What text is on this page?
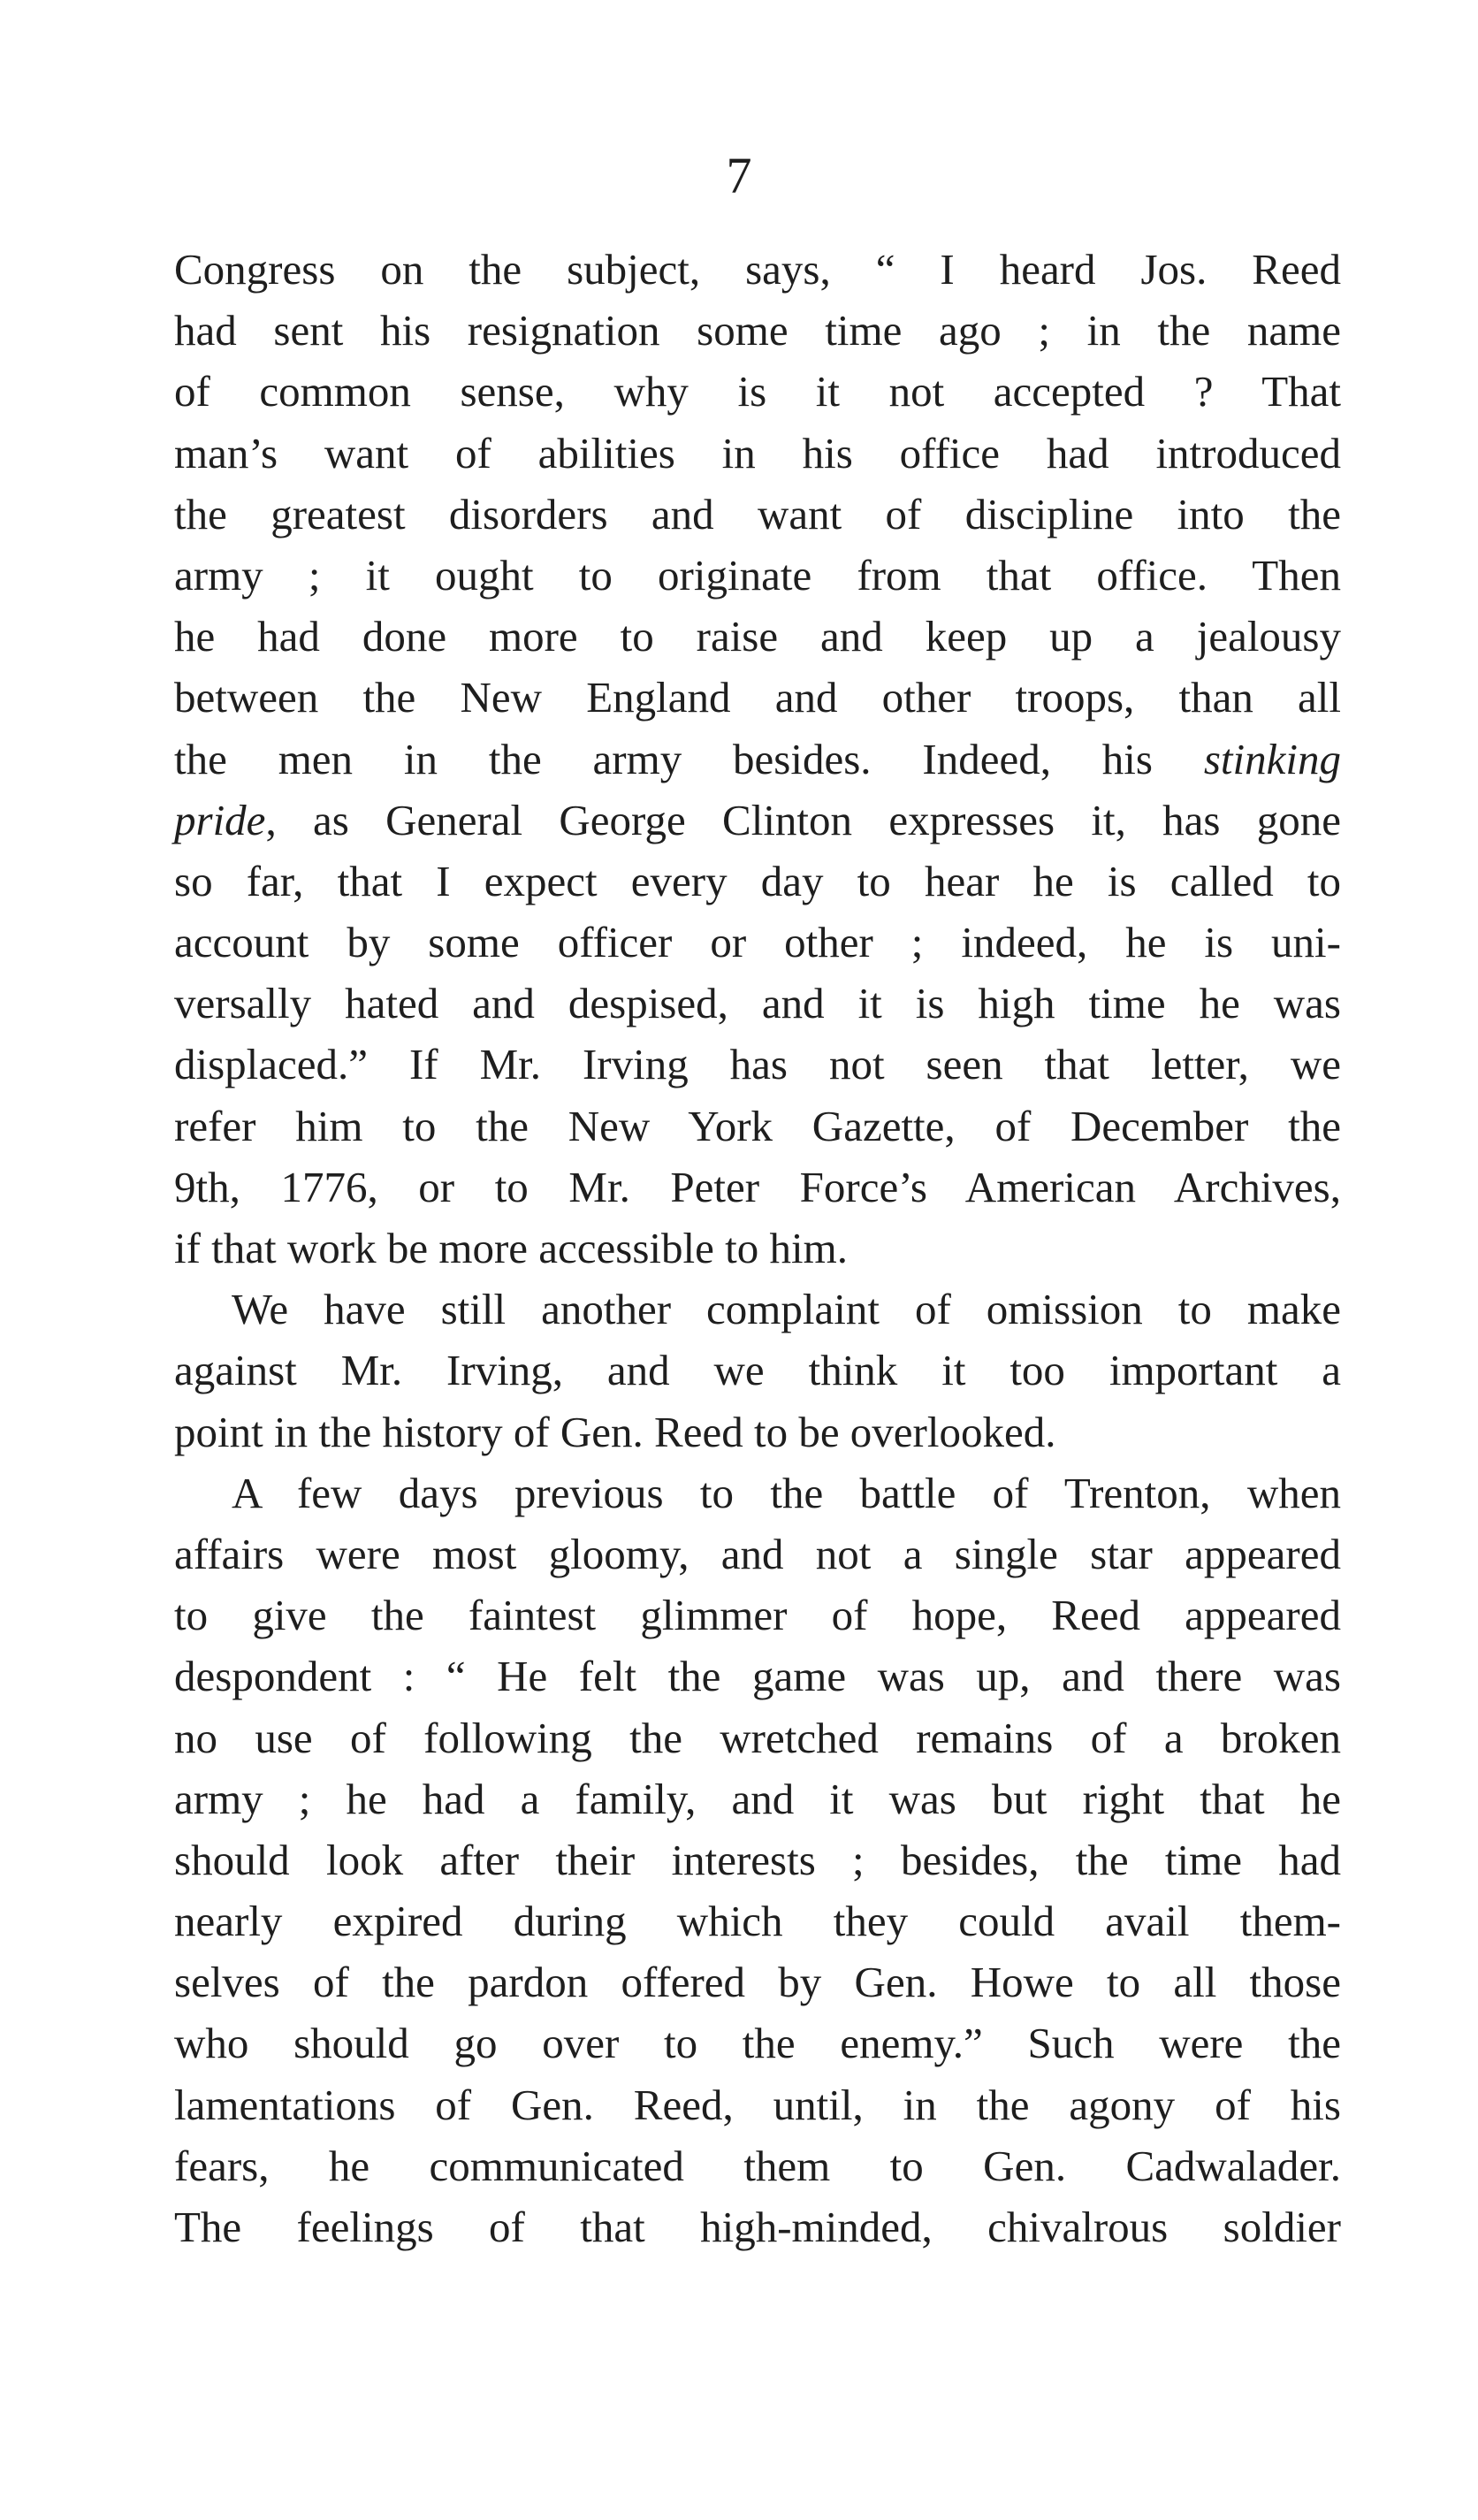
7
Congress on the subject, says, “ I heard Jos. Reed
had sent his resignation some time ago ; in the name
of common sense, why is it not accepted ? That
man’s want of abilities in his office had introduced
the greatest disorders and want of discipline into the
army ; it ought to originate from that office. Then
he had done more to raise and keep up a jealousy
between the New England and other troops, than all
the men in the army besides. Indeed, his stinking
pride, as General George Clinton expresses it, has gone
so far, that I expect every day to hear he is called to
account by some officer or other ; indeed, he is uni-
versally hated and despised, and it is high time he was
displaced.” If Mr. Irving has not seen that letter, we
refer him to the New York Gazette, of December the
9th, 1776, or to Mr. Peter Force’s American Archives,
if that work be more accessible to him.
We have still another complaint of omission to make
against Mr. Irving, and we think it too important a
point in the history of Gen. Reed to be overlooked.
A few days previous to the battle of Trenton, when
affairs were most gloomy, and not a single star appeared
to give the faintest glimmer of hope, Reed appeared
despondent : “ He felt the game was up, and there was
no use of following the wretched remains of a broken
army ; he had a family, and it was but right that he
should look after their interests ; besides, the time had
nearly expired during which they could avail them-
selves of the pardon offered by Gen. Howe to all those
who should go over to the enemy.” Such were the
lamentations of Gen. Reed, until, in the agony of his
fears, he communicated them to Gen. Cadwalader.
The feelings of that high-minded, chivalrous soldier
